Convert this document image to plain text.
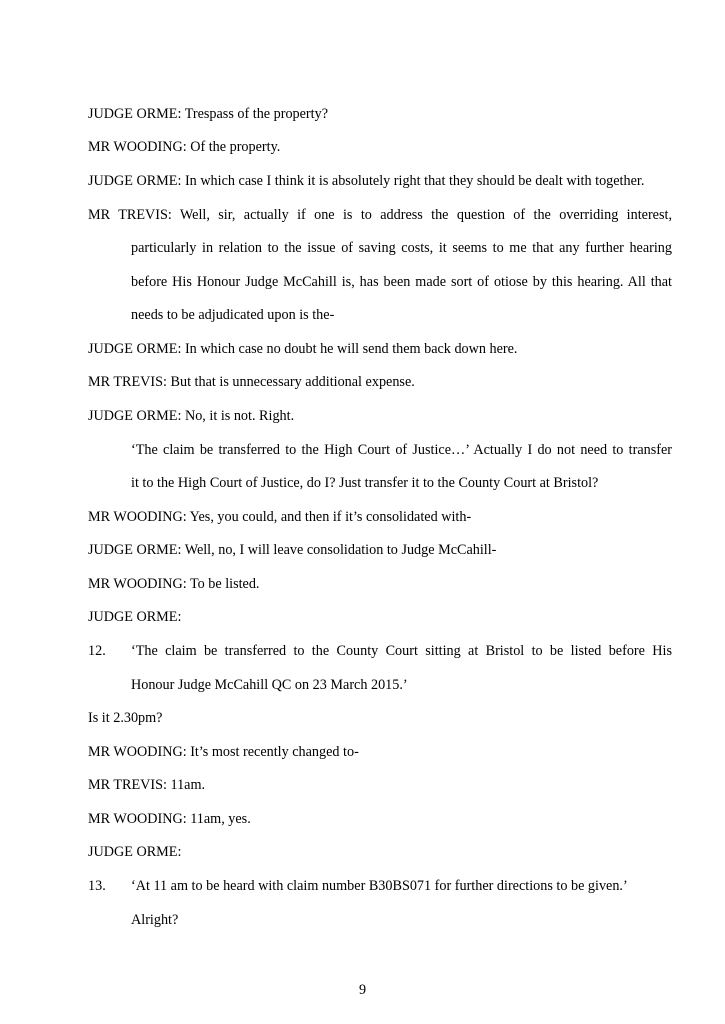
JUDGE ORME: Trespass of the property?
MR WOODING: Of the property.
JUDGE ORME: In which case I think it is absolutely right that they should be dealt with together.
MR TREVIS: Well, sir, actually if one is to address the question of the overriding interest,
particularly in relation to the issue of saving costs, it seems to me that any further hearing
before His Honour Judge McCahill is, has been made sort of otiose by this hearing. All that
needs to be adjudicated upon is the-
JUDGE ORME: In which case no doubt he will send them back down here.
MR TREVIS: But that is unnecessary additional expense.
JUDGE ORME: No, it is not. Right.
‘The claim be transferred to the High Court of Justice…’ Actually I do not need to transfer
it to the High Court of Justice, do I? Just transfer it to the County Court at Bristol?
MR WOODING: Yes, you could, and then if it’s consolidated with-
JUDGE ORME: Well, no, I will leave consolidation to Judge McCahill-
MR WOODING: To be listed.
JUDGE ORME:
12.	‘The claim be transferred to the County Court sitting at Bristol to be listed before His
Honour Judge McCahill QC on 23 March 2015.’
Is it 2.30pm?
MR WOODING: It’s most recently changed to-
MR TREVIS: 11am.
MR WOODING: 11am, yes.
JUDGE ORME:
13.	‘At 11 am to be heard with claim number B30BS071 for further directions to be given.’
Alright?
9
